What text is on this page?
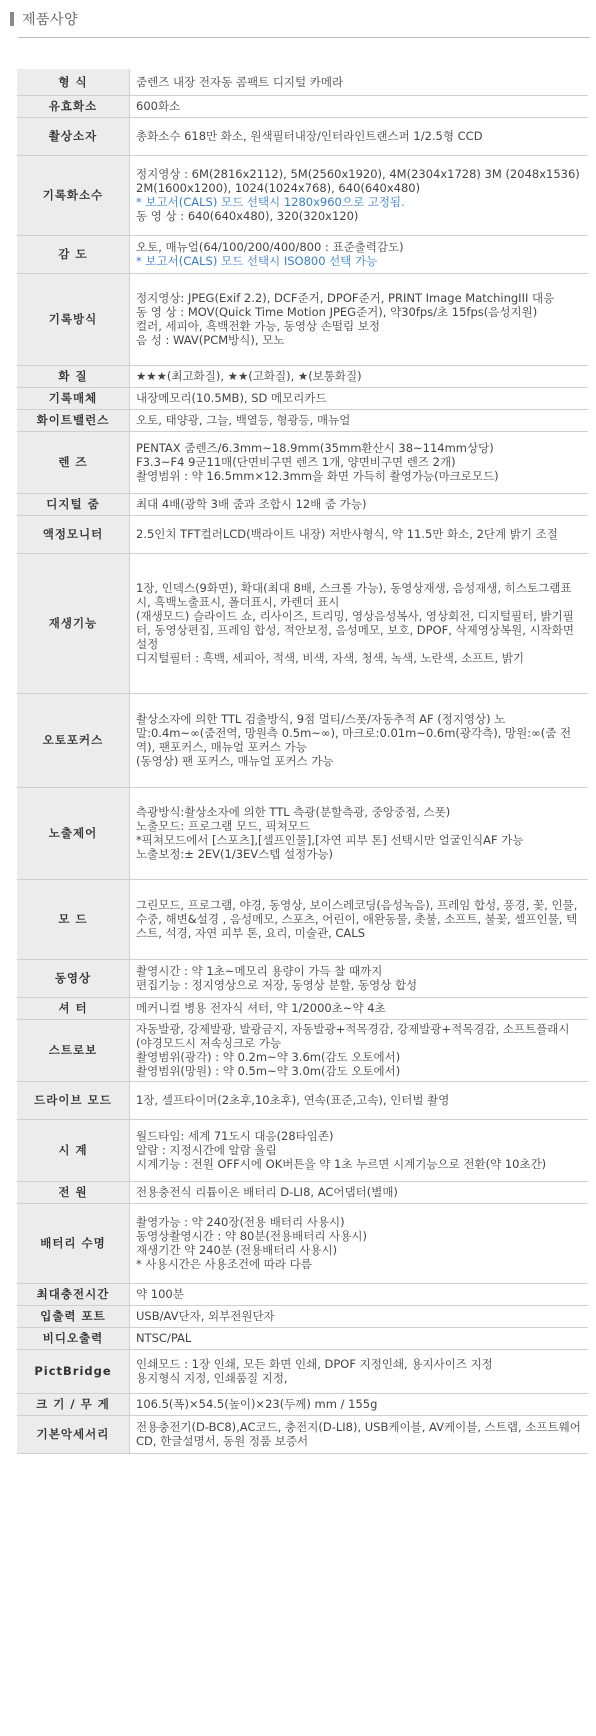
제품사양
형 식	줌렌즈 내장 전자동 콤팩트 디지털 카메라

유효화소	600화소

촬상소자	총화소수 618만 화소, 원색필터내장/인터라인트랜스퍼 1/2.5형 CCD

기록화소수	정지영상 : 6M(2816x2112), 5M(2560x1920), 4M(2304x1728) 3M (2048x1536) 2M(1600x1200), 1024(1024x768), 640(640x480)
* 보고서(CALS) 모드 선택시 1280x960으로 고정됨.
동 영 상 : 640(640x480), 320(320x120)

감 도	오토, 매뉴얼(64/100/200/400/800 : 표준출력감도)
* 보고서(CALS) 모드 선택시 ISO800 선택 가능

기록방식	정지영상: JPEG(Exif 2.2), DCF준거, DPOF준거, PRINT Image MatchingIII 대응
동 영 상 : MOV(Quick Time Motion JPEG준거), 약30fps/초 15fps(음성지원)
컬러, 세피아, 흑백전환 가능, 동영상 손떨림 보정
음 성 : WAV(PCM방식), 모노

화 질	★★★(최고화질), ★★(고화질), ★(보통화질)

기록매체	내장메모리(10.5MB), SD 메모리카드

화이트밸런스	오토, 태양광, 그늘, 백열등, 형광등, 매뉴얼

렌 즈	PENTAX 줌렌즈/6.3mm~18.9mm(35mm환산시 38~114mm상당)
F3.3~F4 9군11매(단면비구면 렌즈 1개, 양면비구면 렌즈 2개)
촬영범위 : 약 16.5mm×12.3mm을 화면 가득히 촬영가능(마크로모드)

디지털 줌	최대 4배(광학 3배 줌과 조합시 12배 줌 가능)

액정모니터	2.5인치 TFT컬러LCD(백라이트 내장) 저반사형식, 약 11.5만 화소, 2단계 밝기 조절

재생기능	1장, 인덱스(9화면), 확대(최대 8배, 스크롤 가능), 동영상재생, 음성재생, 히스토그램표시, 흑백노출표시, 폴더표시, 카렌더 표시
(재생모드) 슬라이드 쇼, 리사이즈, 트리밍, 영상음성복사, 영상회전, 디지털필터, 밝기필터, 동영상편집, 프레임 합성, 적안보정, 음성메모, 보호, DPOF, 삭제영상복원, 시작화면 설정
디지털필터 : 흑백, 세피아, 적색, 비색, 자색, 청색, 녹색, 노란색, 소프트, 밝기

오토포커스	촬상소자에 의한 TTL 검출방식, 9점 멀티/스폿/자동추적 AF (정지영상) 노말:0.4m~∞(줌전역, 망원측 0.5m~∞), 마크로:0.01m~0.6m(광각측), 망원:∞(줌 전역), 팬포커스, 매뉴얼 포커스 가능
(동영상) 팬 포커스, 매뉴얼 포커스 가능

노출제어	측광방식:촬상소자에 의한 TTL 측광(분할측광, 중앙중점, 스폿)
노출모드: 프로그램 모드, 픽쳐모드
*픽쳐모드에서 [스포츠],[셀프인물],[자연 피부 톤] 선택시만 얼굴인식AF 가능
노출보정:± 2EV(1/3EV스텝 설정가능)

모 드	그린모드, 프로그램, 야경, 동영상, 보이스레코딩(음성녹음), 프레임 합성, 풍경, 꽃, 인물, 수중, 해변&설경 , 음성메모, 스포츠, 어린이, 애완동물, 촛불, 소프트, 불꽃, 셀프인물, 텍스트, 석경, 자연 피부 톤, 요리, 미술관, CALS

동영상	촬영시간 : 약 1초~메모리 용량이 가득 찰 때까지
편집기능 : 정지영상으로 저장, 동영상 분할, 동영상 합성

셔 터	메커니컬 병용 전자식 셔터, 약 1/2000초~약 4초

스트로보	자동발광, 강제발광, 발광금지, 자동발광+적목경감, 강제발광+적목경감, 소프트플래시(야경모드시 저속싱크로 가능
촬영범위(광각) : 약 0.2m~약 3.6m(감도 오토에서)
촬영범위(망원) : 약 0.5m~약 3.0m(감도 오토에서)

드라이브 모드	1장, 셀프타이머(2초후,10초후), 연속(표준,고속), 인터벌 촬영

시 계	월드타임: 세계 71도시 대응(28타임존)
알람 : 지정시간에 알람 울림
시계기능 : 전원 OFF시에 OK버튼을 약 1초 누르면 시계기능으로 전환(약 10초간)

전 원	전용충전식 리튬이온 배터리 D-LI8, AC어댑터(별매)

배터리 수명	촬영가능 : 약 240장(전용 배터리 사용시)
동영상촬영시간 : 약 80분(전용배터리 사용시)
재생기간 약 240분 (전용배터리 사용시)
* 사용시간은 사용조건에 따라 다름

최대충전시간	약 100분

입출력 포트	USB/AV단자, 외부전원단자

비디오출력	NTSC/PAL

PictBridge	인쇄모드 : 1장 인쇄, 모든 화면 인쇄, DPOF 지정인쇄, 용지사이즈 지정
용지형식 지정, 인쇄품질 지정,

크 기 / 무 게	106.5(폭)×54.5(높이)×23(두께) mm / 155g

기본악세서리	전용충전기(D-BC8),AC코드, 충전지(D-LI8), USB케이블, AV케이블, 스트랩, 소프트웨어 CD, 한글설명서, 동원 정품 보증서
